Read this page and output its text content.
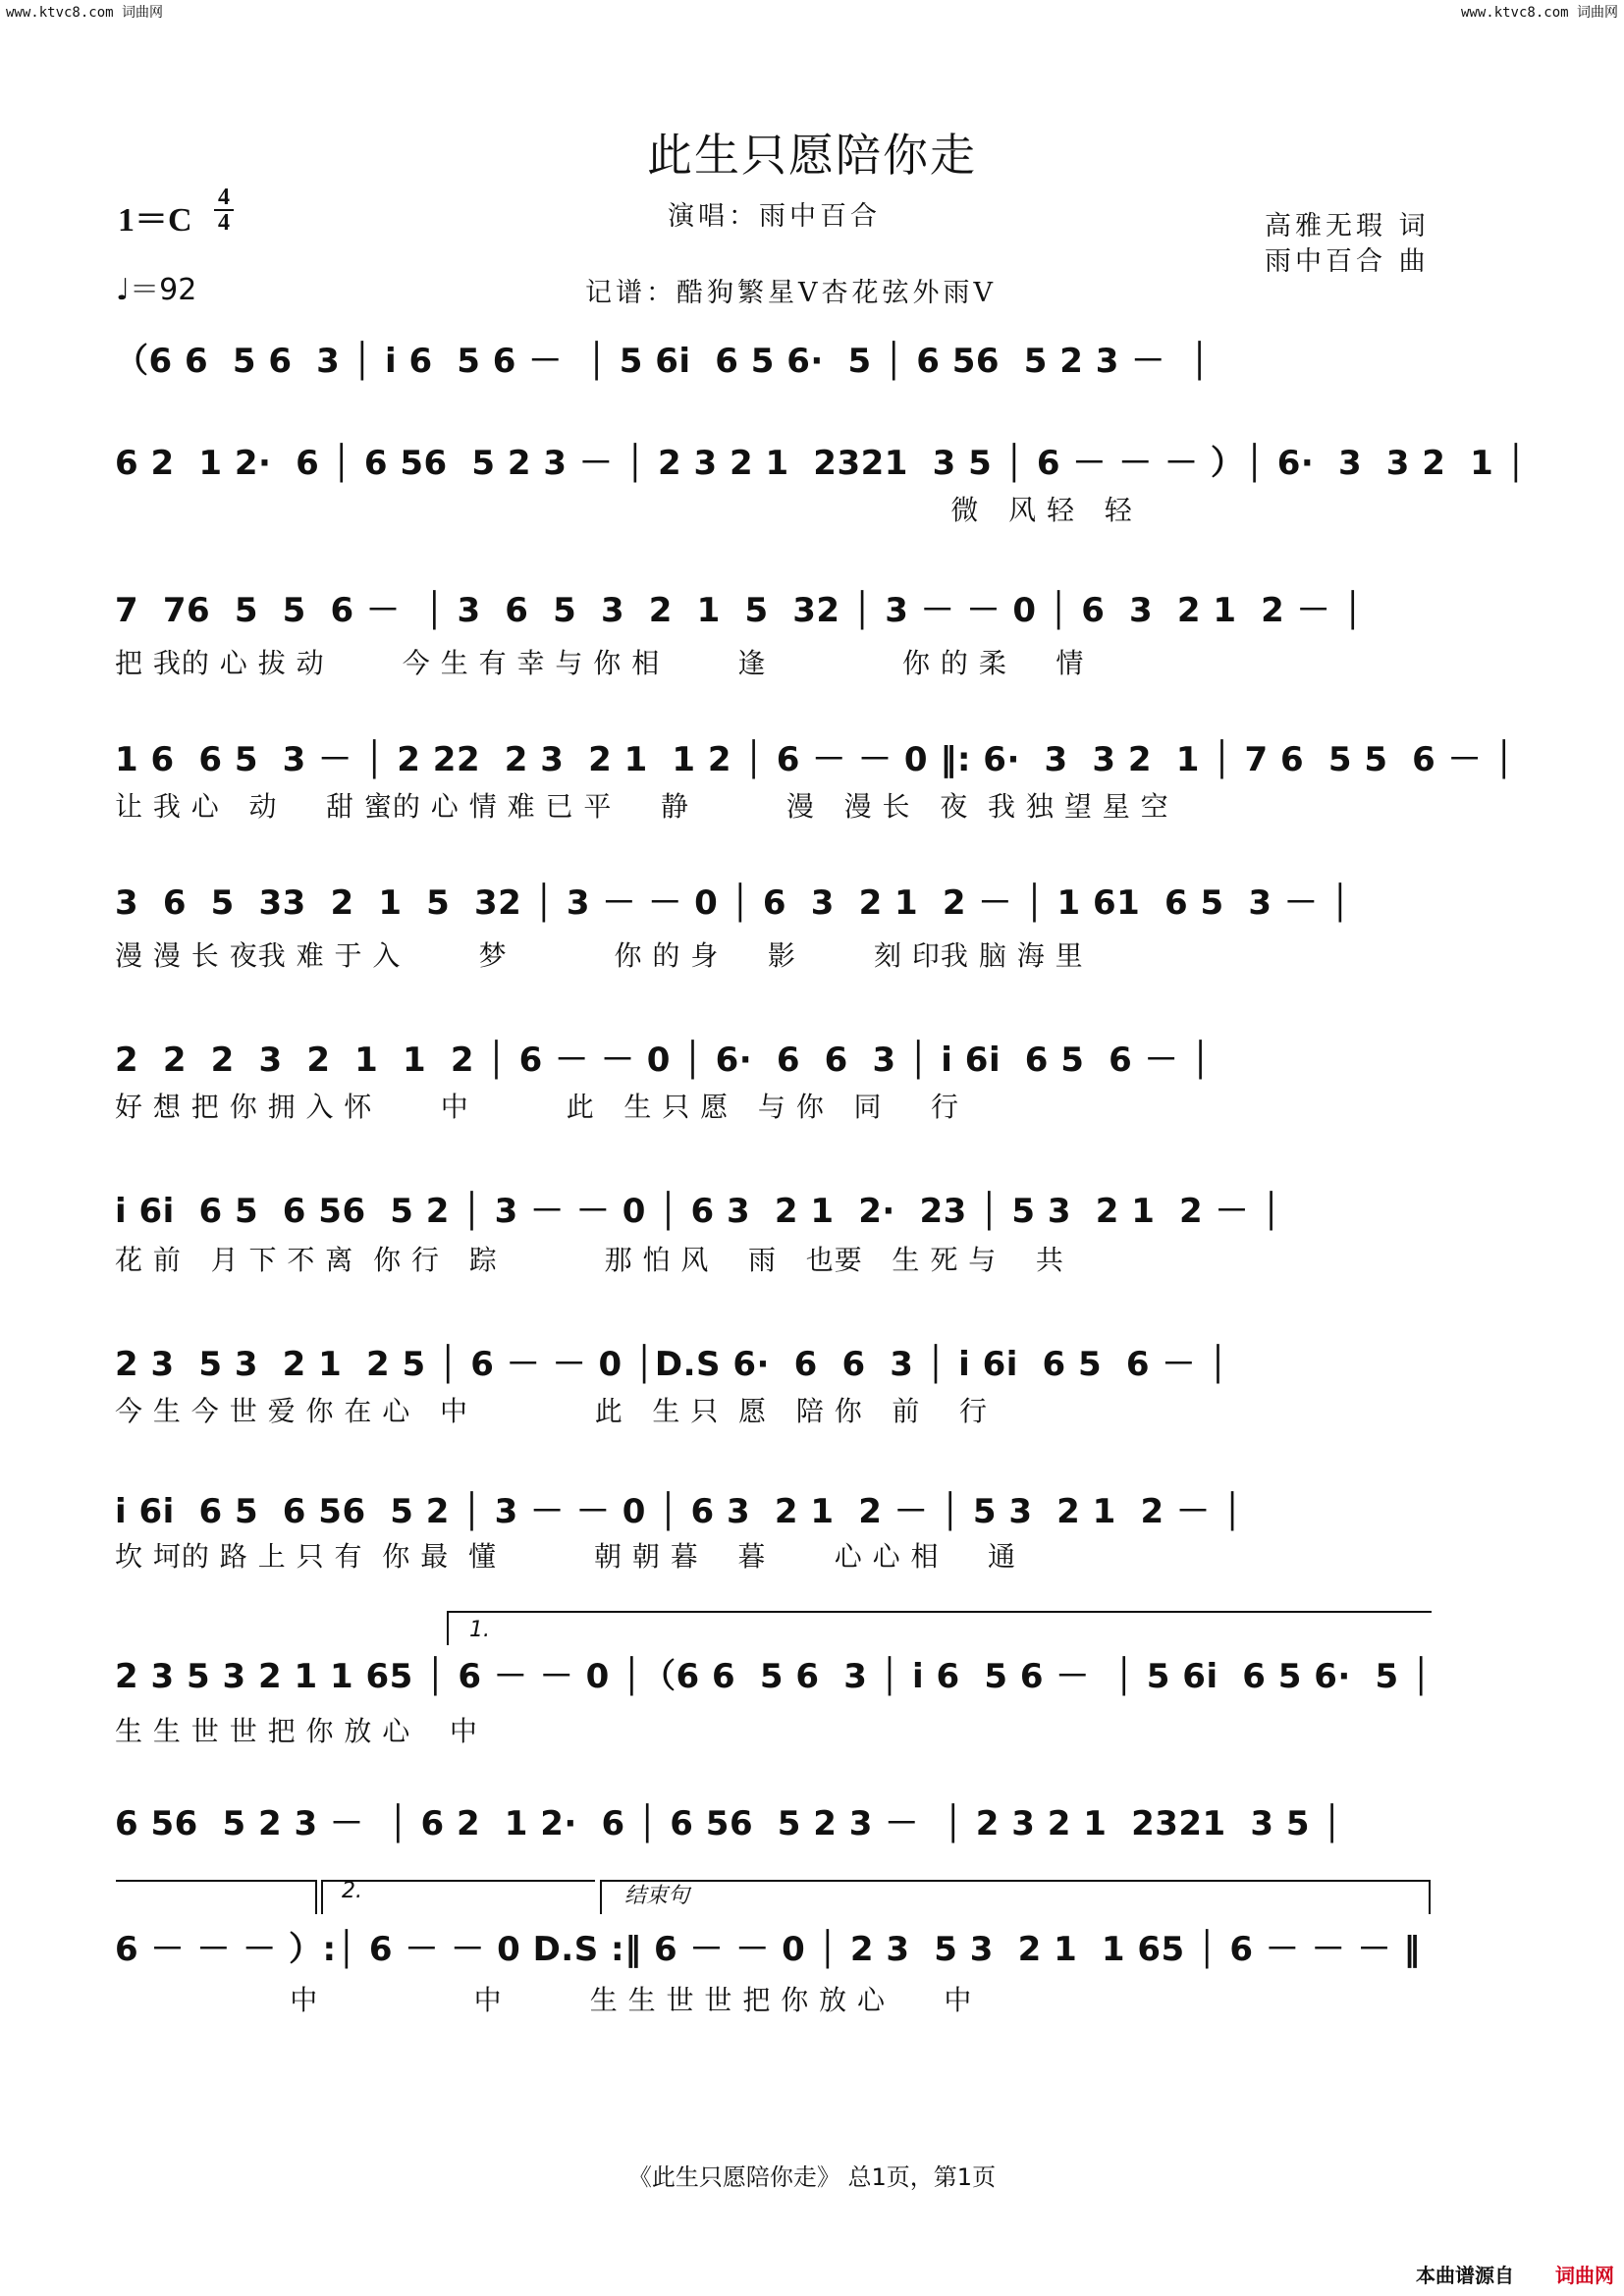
www.ktvc8.com 词曲网	www.ktvc8.com 词曲网
此生只愿陪你走
1＝C
4
4
♩＝92
演唱：雨中百合
记谱：酷狗繁星V杏花弦外雨V
高雅无瑕 词
雨中百合 曲
（6 6  5 6  3 │ i 6  5 6 －  │ 5 6i  6 5 6·  5 │ 6 56  5 2 3 －  │
6 2  1 2·  6 │ 6 56  5 2 3 － │ 2 3 2 1  2321  3 5 │ 6 － － － ）│ 6·  3  3 2  1 │
微   风 轻   轻
7  76  5  5  6 －  │ 3  6  5  3  2  1  5  32 │ 3 － － 0 │ 6  3  2 1  2 － │
把 我的 心 拔 动        今 生 有 幸 与 你 相        逢              你 的 柔     情
1 6  6 5  3 － │ 2 22  2 3  2 1  1 2 │ 6 － － 0 ‖: 6·  3  3 2  1 │ 7 6  5 5  6 － │
让 我 心   动     甜 蜜的 心 情 难 已 平     静          漫   漫 长   夜  我 独 望 星 空
3  6  5  33  2  1  5  32 │ 3 － － 0 │ 6  3  2 1  2 － │ 1 61  6 5  3 － │
漫 漫 长 夜我 难 于 入        梦           你 的 身     影        刻 印我 脑 海 里
2  2  2  3  2  1  1  2 │ 6 － － 0 │ 6·  6  6  3 │ i 6i  6 5  6 － │
好 想 把 你 拥 入 怀       中          此   生 只 愿   与 你   同     行
i 6i  6 5  6 56  5 2 │ 3 － － 0 │ 6 3  2 1  2·  23 │ 5 3  2 1  2 － │
花 前   月 下 不 离  你 行   踪           那 怕 风    雨   也要   生 死 与    共
2 3  5 3  2 1  2 5 │ 6 － － 0 │D.S 6·  6  6  3 │ i 6i  6 5  6 － │
今 生 今 世 爱 你 在 心   中             此   生 只  愿   陪 你   前    行
i 6i  6 5  6 56  5 2 │ 3 － － 0 │ 6 3  2 1  2 － │ 5 3  2 1  2 － │
坎 坷的 路 上 只 有  你 最  懂          朝 朝 暮    暮       心 心 相     通
1.
2 3 5 3 2 1 1 65 │ 6 － － 0 │（6 6  5 6  3 │ i 6  5 6 －  │ 5 6i  6 5 6·  5 │
生 生 世 世 把 你 放 心    中
6 56  5 2 3 －  │ 6 2  1 2·  6 │ 6 56  5 2 3 －  │ 2 3 2 1  2321  3 5 │
2.	结束句
6 － － － ）:│ 6 － － 0 D.S :‖ 6 － － 0 │ 2 3  5 3  2 1  1 65 │ 6 － － － ‖
中                中         生 生 世 世 把 你 放 心      中
《此生只愿陪你走》 总1页，第1页
本曲谱源自 词曲网
